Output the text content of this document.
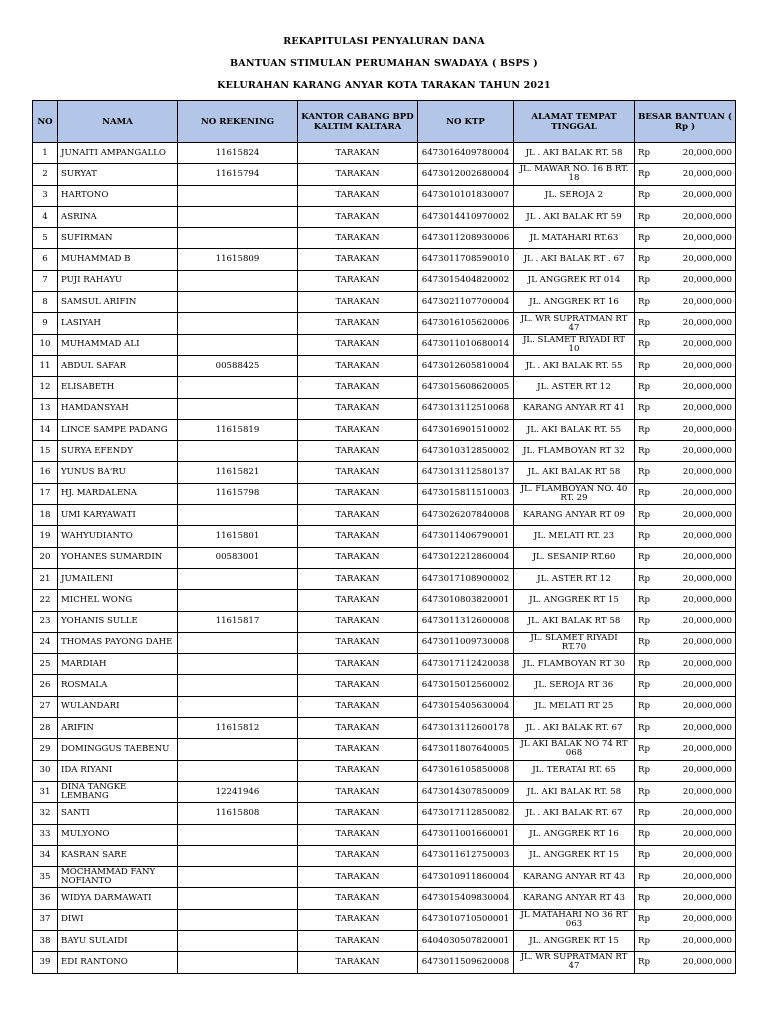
REKAPITULASI PENYALURAN DANA
BANTUAN STIMULAN PERUMAHAN SWADAYA ( BSPS )
KELURAHAN KARANG ANYAR KOTA TARAKAN TAHUN 2021
NO	NAMA	NO REKENING	KANTOR CABANG BPD KALTIM KALTARA	NO KTP	ALAMAT TEMPAT TINGGAL	BESAR BANTUAN ( Rp )
1	JUNAITI AMPANGALLO	11615824	TARAKAN	6473016409780004	JL . AKI BALAK RT. 58	Rp 20,000,000

2	SURYAT	11615794	TARAKAN	6473012002680004	JL. MAWAR NO. 16 B RT. 18	Rp 20,000,000

3	HARTONO		TARAKAN	6473010101830007	JL. SEROJA 2	Rp 20,000,000

4	ASRINA		TARAKAN	6473014410970002	JL . AKI BALAK RT 59	Rp 20,000,000

5	SUFIRMAN		TARAKAN	6473011208930006	JL MATAHARI RT.63	Rp 20,000,000

6	MUHAMMAD B	11615809	TARAKAN	6473011708590010	JL . AKI BALAK RT . 67	Rp 20,000,000

7	PUJI RAHAYU		TARAKAN	6473015404820002	JL ANGGREK RT 014	Rp 20,000,000

8	SAMSUL ARIFIN		TARAKAN	6473021107700004	JL. ANGGREK RT 16	Rp 20,000,000

9	LASIYAH		TARAKAN	6473016105620006	JL. WR SUPRATMAN RT 47	Rp 20,000,000

10	MUHAMMAD ALI		TARAKAN	6473011010680014	JL. SLAMET RIYADI RT 10	Rp 20,000,000

11	ABDUL SAFAR	00588425	TARAKAN	6473012605810004	JL . AKI BALAK RT. 55	Rp 20,000,000

12	ELISABETH		TARAKAN	6473015608620005	JL. ASTER RT 12	Rp 20,000,000

13	HAMDANSYAH		TARAKAN	6473013112510068	KARANG ANYAR RT 41	Rp 20,000,000

14	LINCE SAMPE PADANG	11615819	TARAKAN	6473016901510002	JL. AKI BALAK RT. 55	Rp 20,000,000

15	SURYA EFENDY		TARAKAN	6473010312850002	JL. FLAMBOYAN RT 32	Rp 20,000,000

16	YUNUS BA'RU	11615821	TARAKAN	6473013112580137	JL. AKI BALAK RT 58	Rp 20,000,000

17	HJ. MARDALENA	11615798	TARAKAN	6473015811510003	JL. FLAMBOYAN NO. 40 RT. 29	Rp 20,000,000

18	UMI KARYAWATI		TARAKAN	6473026207840008	KARANG ANYAR RT 09	Rp 20,000,000

19	WAHYUDIANTO	11615801	TARAKAN	6473011406790001	JL. MELATI RT. 23	Rp 20,000,000

20	YOHANES SUMARDIN	00583001	TARAKAN	6473012212860004	JL. SESANIP RT.60	Rp 20,000,000

21	JUMAILENI		TARAKAN	6473017108900002	JL. ASTER RT 12	Rp 20,000,000

22	MICHEL WONG		TARAKAN	6473010803820001	JL. ANGGREK RT 15	Rp 20,000,000

23	YOHANIS SULLE	11615817	TARAKAN	6473011312600008	JL. AKI BALAK RT 58	Rp 20,000,000

24	THOMAS PAYONG DAHE		TARAKAN	6473011009730008	JL. SLAMET RIYADI RT.70	Rp 20,000,000

25	MARDIAH		TARAKAN	6473017112420038	JL. FLAMBOYAN RT 30	Rp 20,000,000

26	ROSMALA		TARAKAN	6473015012560002	JL. SEROJA RT 36	Rp 20,000,000

27	WULANDARI		TARAKAN	6473015405630004	JL. MELATI RT 25	Rp 20,000,000

28	ARIFIN	11615812	TARAKAN	6473013112600178	JL . AKI BALAK RT. 67	Rp 20,000,000

29	DOMINGGUS TAEBENU		TARAKAN	6473011807640005	JL AKI BALAK NO 74 RT 068	Rp 20,000,000

30	IDA RIYANI		TARAKAN	6473016105850008	JL. TERATAI RT. 65	Rp 20,000,000

31	DINA TANGKE LEMBANG	12241946	TARAKAN	6473014307850009	JL. AKI BALAK RT. 58	Rp 20,000,000

32	SANTI	11615808	TARAKAN	6473017112850082	JL . AKI BALAK RT. 67	Rp 20,000,000

33	MULYONO		TARAKAN	6473011001660001	JL. ANGGREK RT 16	Rp 20,000,000

34	KASRAN SARE		TARAKAN	6473011612750003	JL. ANGGREK RT 15	Rp 20,000,000

35	MOCHAMMAD FANY NOFIANTO		TARAKAN	6473010911860004	KARANG ANYAR RT 43	Rp 20,000,000

36	WIDYA DARMAWATI		TARAKAN	6473015409830004	KARANG ANYAR RT 43	Rp 20,000,000

37	DIWI		TARAKAN	6473010710500001	JL MATAHARI NO 36 RT 063	Rp 20,000,000

38	BAYU SULAIDI		TARAKAN	6404030507820001	JL. ANGGREK RT 15	Rp 20,000,000

39	EDI RANTONO		TARAKAN	6473011509620008	JL. WR SUPRATMAN RT 47	Rp 20,000,000
